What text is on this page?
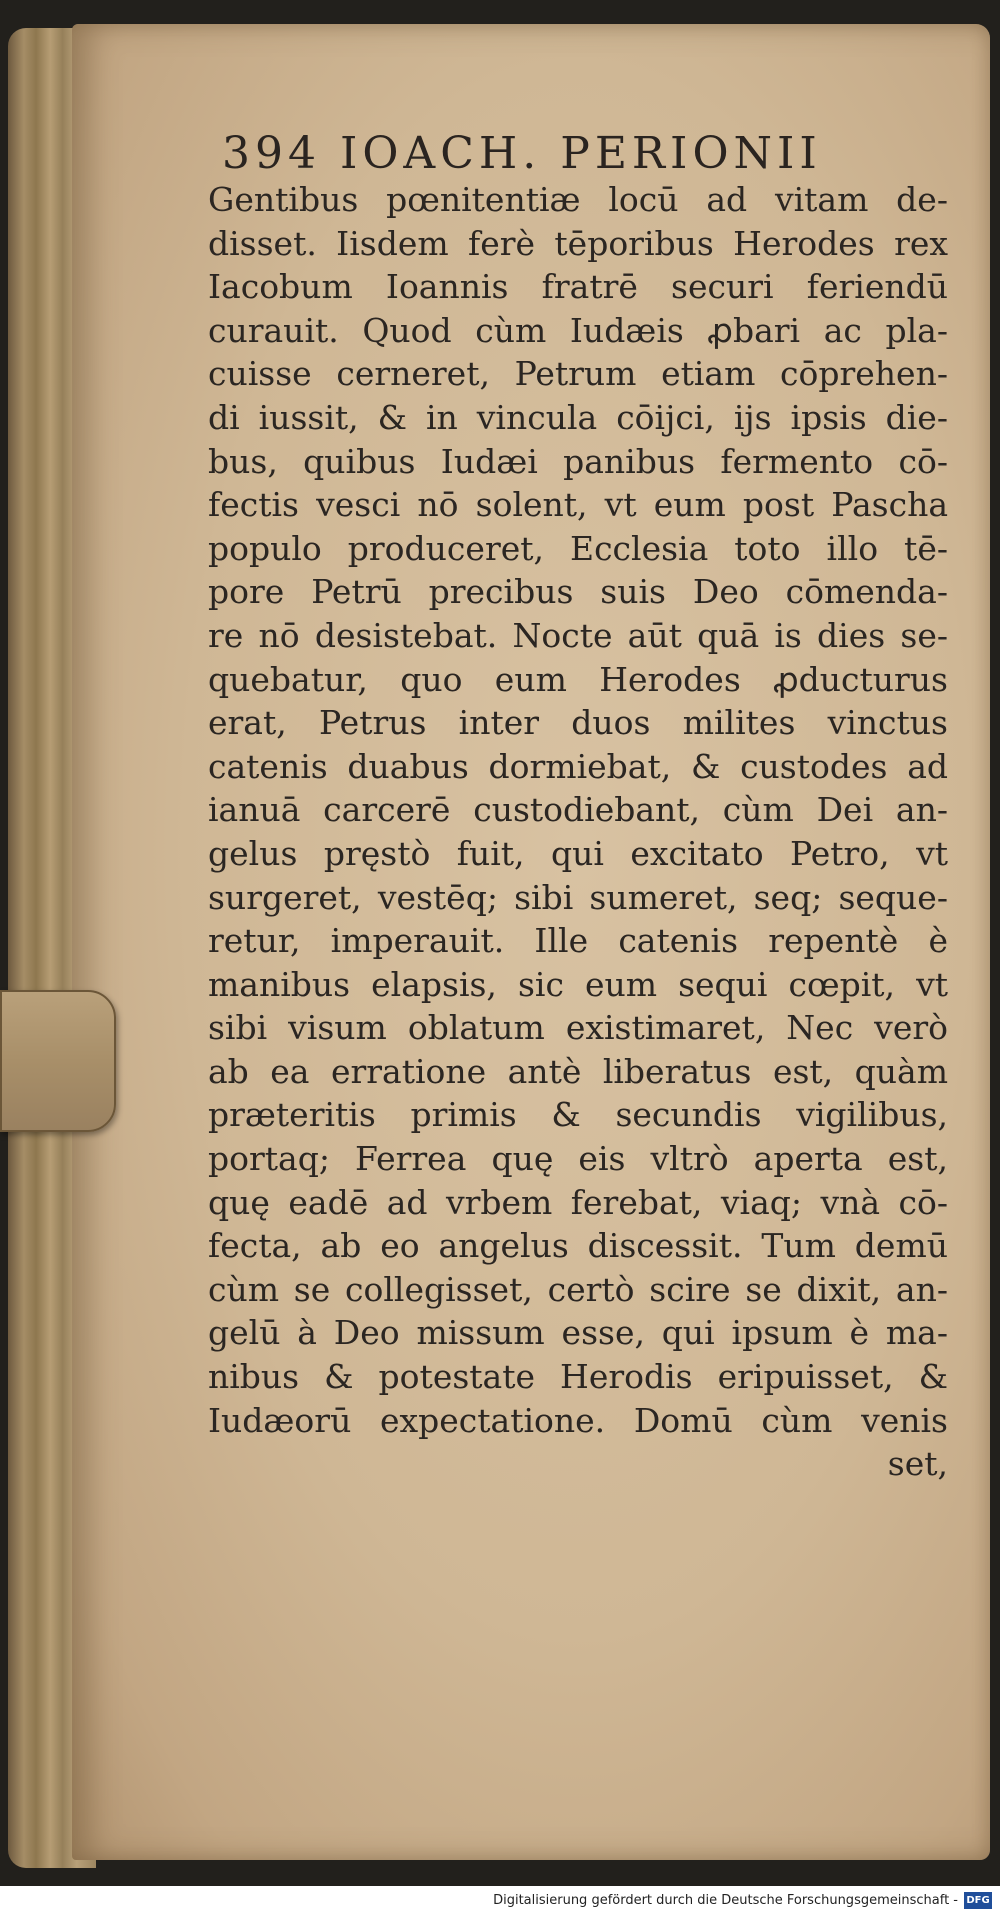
394 IOACH. PERIONII
Gentibus pœnitentiæ locū ad vitam de-
disset. Iisdem ferè tēporibus Herodes rex
Iacobum Ioannis fratrē securi feriendū
curauit. Quod cùm Iudæis ꝓbari ac pla-
cuisse cerneret, Petrum etiam cōprehen-
di iussit, & in vincula cōijci, ijs ipsis die-
bus, quibus Iudæi panibus fermento cō-
fectis vesci nō solent, vt eum post Pascha
populo produceret, Ecclesia toto illo tē-
pore Petrū precibus suis Deo cōmenda-
re nō desistebat. Nocte aūt quā is dies se-
quebatur, quo eum Herodes ꝓducturus
erat, Petrus inter duos milites vinctus
catenis duabus dormiebat, & custodes ad
ianuā carcerē custodiebant, cùm Dei an-
gelus pręstò fuit, qui excitato Petro, vt
surgeret, vestēq; sibi sumeret, seq; seque-
retur, imperauit. Ille catenis repentè è
manibus elapsis, sic eum sequi cœpit, vt
sibi visum oblatum existimaret, Nec verò
ab ea erratione antè liberatus est, quàm
præteritis primis & secundis vigilibus,
portaq; Ferrea quę eis vltrò aperta est,
quę eadē ad vrbem ferebat, viaq; vnà cō-
fecta, ab eo angelus discessit. Tum demū
cùm se collegisset, certò scire se dixit, an-
gelū à Deo missum esse, qui ipsum è ma-
nibus & potestate Herodis eripuisset, &
Iudæorū expectatione. Domū cùm venis
set,
Digitalisierung gefördert durch die Deutsche Forschungsgemeinschaft - DFG
